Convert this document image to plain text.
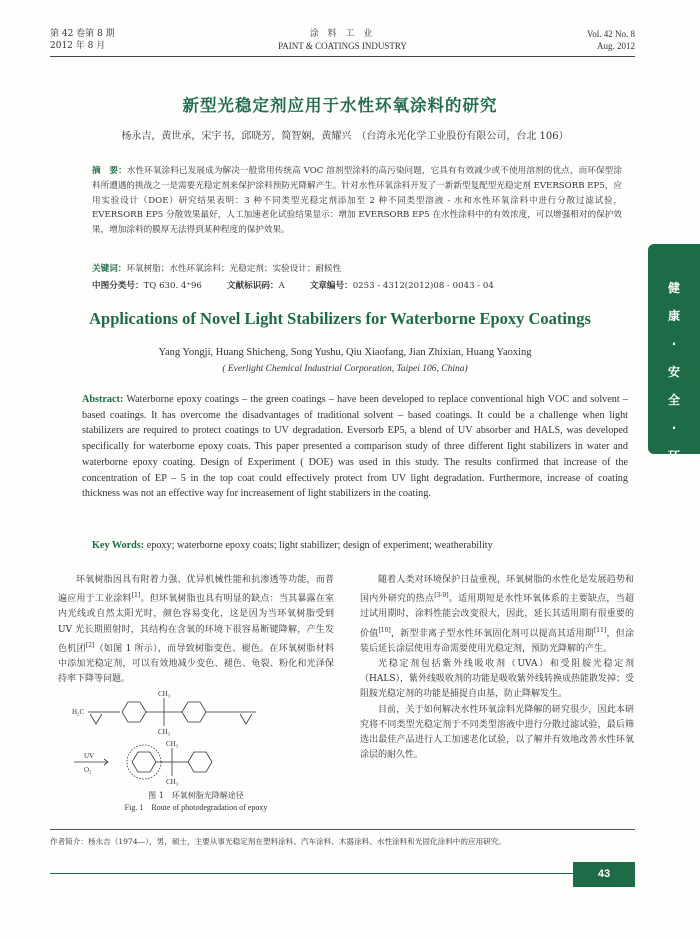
第 42 卷第 8 期
2012 年 8 月
涂 料 工 业
PAINT & COATINGS INDUSTRY
Vol. 42 No. 8
Aug. 2012
新型光稳定剂应用于水性环氧涂料的研究
杨永吉，黄世承，宋宇书，邱晓芳，简智娴，黄耀兴　（台湾永光化学工业股份有限公司，台北 106）
摘　要：水性环氧涂料已发展成为解决一般常用传统高 VOC 溶剂型涂料的高污染问题，它具有有效减少或不使用溶剂的优点，而环保型涂料所遭遇的挑战之一是需要光稳定剂来保护涂料预防光降解产生。针对水性环氧涂料开发了一新新型复配型光稳定剂 EVERSORB EP5，应用实验设计（DOE）研究结果表明：3 种不同类型光稳定剂添加至 2 种不同类型溶液 - 水和水性环氧涂料中进行分散过滤试验，EVERSORB EP5 分散效果最好，人工加速老化试验结果显示：增加 EVERSORB EP5 在水性涂料中的有效浓度，可以增强相对的保护效果，增加涂料的膜厚无法得到某种程度的保护效果。
关键词：环氧树脂；水性环氧涂料；光稳定剂；实验设计；耐候性
中图分类号：TQ 630. 4⁺96	文献标识码：A	文章编号：0253 - 4312(2012)08 - 0043 - 04
Applications of Novel Light Stabilizers for Waterborne Epoxy Coatings
Yang Yongji, Huang Shicheng, Song Yushu, Qiu Xiaofang, Jian Zhixian, Huang Yaoxing
( Everlight Chemical Industrial Corporation, Taipei 106, China)
Abstract: Waterborne epoxy coatings – the green coatings – have been developed to replace conventional high VOC and solvent – based coatings. It has overcome the disadvantages of traditional solvent – based coatings. It could be a challenge when light stabilizers are required to protect coatings to UV degradation. Eversorb EP5, a blend of UV absorber and HALS, was developed specifically for waterborne epoxy coats. This paper presented a comparison study of three different light stabilizers in water and waterborne epoxy coating. Design of Experiment ( DOE) was used in this study. The results confirmed that increase of the concentration of EP – 5 in the top coat could effectively protect from UV light degradation. Furthermore, increase of coating thickness was not an effective way for increasement of light stabilizers in the coating.
Key Words: epoxy; waterborne epoxy coats; light stabilizer; design of experiment; weatherability

环氧树脂因具有附着力强、优异机械性能和抗渗透等功能，而普遍应用于工业涂料[1]。但环氧树脂也具有明显的缺点：当其暴露在室内光线或自然太阳光时，颜色容易变化，这是因为当环氧树脂受到 UV 光长期照射时，其结构在含氧的环境下很容易断键降解，产生发色机团[2]（如图 1 所示），而导致树脂变色、褪色。在环氧树脂材料中添加光稳定剂，可以有效地减少变色、褪色、龟裂、粉化和光泽保持率下降等问题。

H₂C
CH₃
CH₃
UV
O₂
CH₃
CH₃
图 1　环氧树脂光降解途径
Fig. 1　Route of photodegradation of epoxy

随着人类对环境保护日益重视，环氧树脂的水性化是发展趋势和国内外研究的热点[3-9]。适用期短是水性环氧体系的主要缺点，当超过试用期时，涂料性能会改变很大，因此，延长其适用期有很重要的价值[10]，新型非离子型水性环氧固化剂可以提高其适用期[11]，但涂装后延长涂层使用寿命需要使用光稳定剂，预防光降解的产生。

光稳定剂包括紫外线吸收剂（UVA）和受阻胺光稳定剂（HALS），紫外线吸收剂的功能是吸收紫外线转换成热能散发掉；受阻胺光稳定剂的功能是捕捉自由基，防止降解发生。

目前，关于如何解决水性环氧涂料光降解的研究很少，因此本研究将不同类型光稳定剂于不同类型溶液中进行分散过滤试验，最后筛选出最佳产品进行人工加速老化试验，以了解并有效地改善水性环氧涂层的耐久性。

作者简介：杨永吉（1974—），男，硕士，主要从事光稳定剂在塑料涂料、汽车涂料、木器涂料、水性涂料和光固化涂料中的应用研究。
43
健
康
·
安
全
·
环
境
